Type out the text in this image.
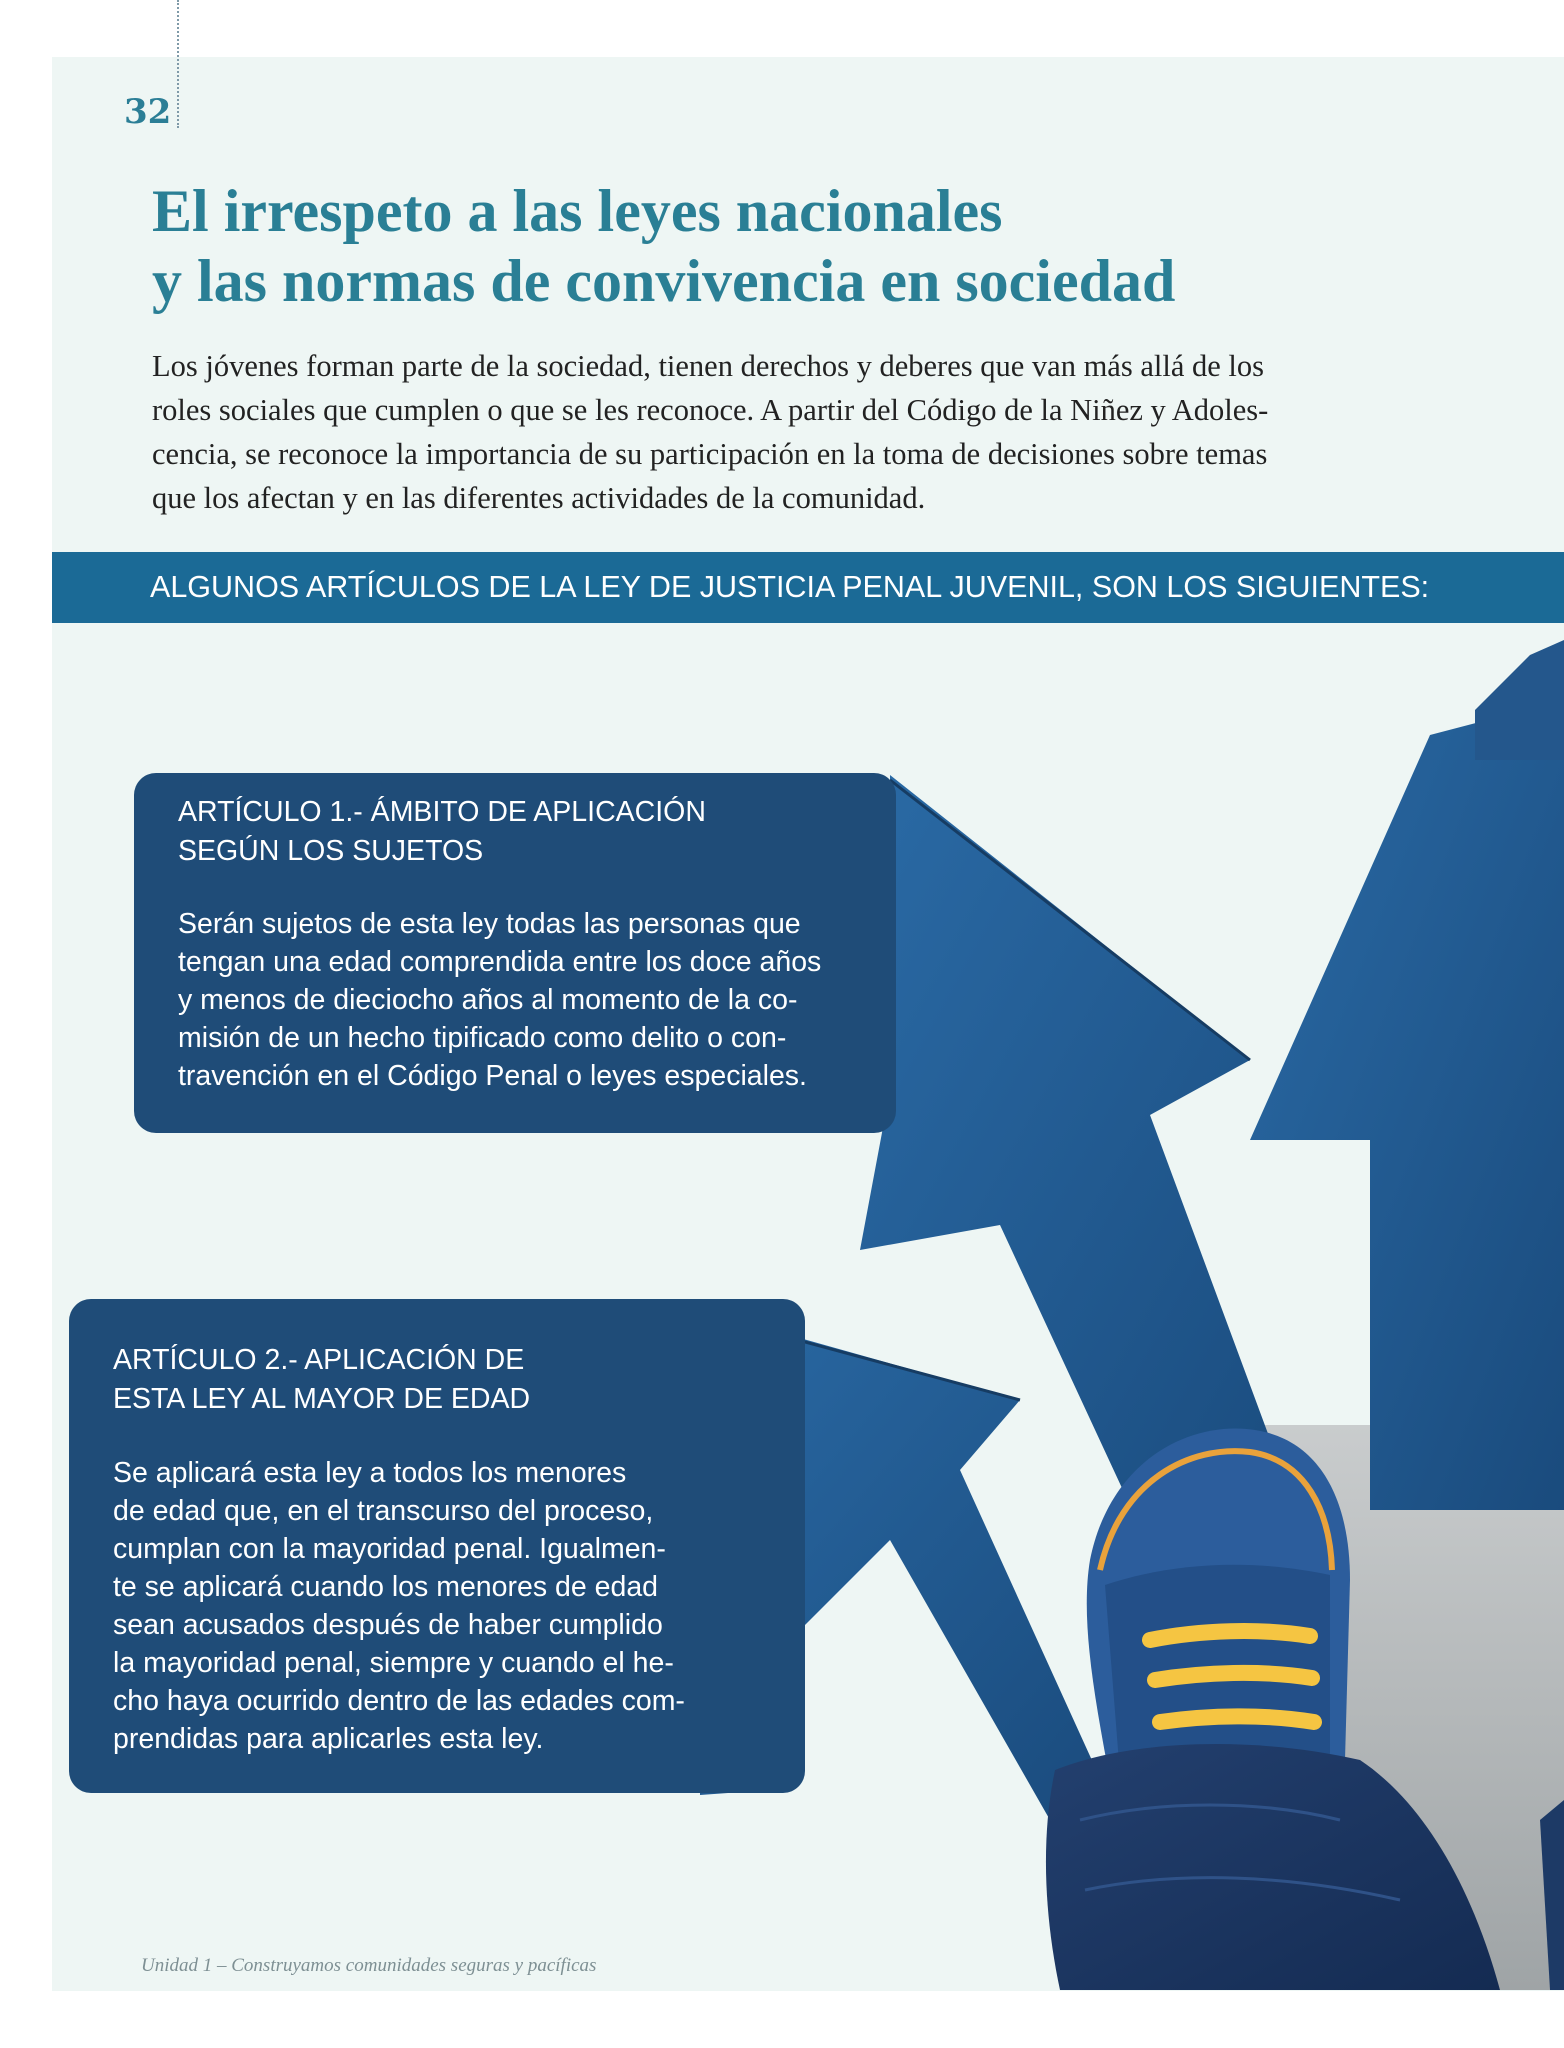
32
El irrespeto a las leyes nacionales
y las normas de convivencia en sociedad

Los jóvenes forman parte de la sociedad, tienen derechos y deberes que van más allá de los
roles sociales que cumplen o que se les reconoce. A partir del Código de la Niñez y Adoles-
cencia, se reconoce la importancia de su participación en la toma de decisiones sobre temas
que los afectan y en las diferentes actividades de la comunidad.

ALGUNOS ARTÍCULOS DE LA LEY DE JUSTICIA PENAL JUVENIL, SON LOS SIGUIENTES:
ARTÍCULO 1.- ÁMBITO DE APLICACIÓN
SEGÚN LOS SUJETOS

Serán sujetos de esta ley todas las personas que
tengan una edad comprendida entre los doce años
y menos de dieciocho años al momento de la co-
misión de un hecho tipificado como delito o con-
travención en el Código Penal o leyes especiales.

ARTÍCULO 2.- APLICACIÓN DE
ESTA LEY AL MAYOR DE EDAD

Se aplicará esta ley a todos los menores
de edad que, en el transcurso del proceso,
cumplan con la mayoridad penal. Igualmen-
te se aplicará cuando los menores de edad
sean acusados después de haber cumplido
la mayoridad penal, siempre y cuando el he-
cho haya ocurrido dentro de las edades com-
prendidas para aplicarles esta ley.

Unidad 1 – Construyamos comunidades seguras y pacíficas
